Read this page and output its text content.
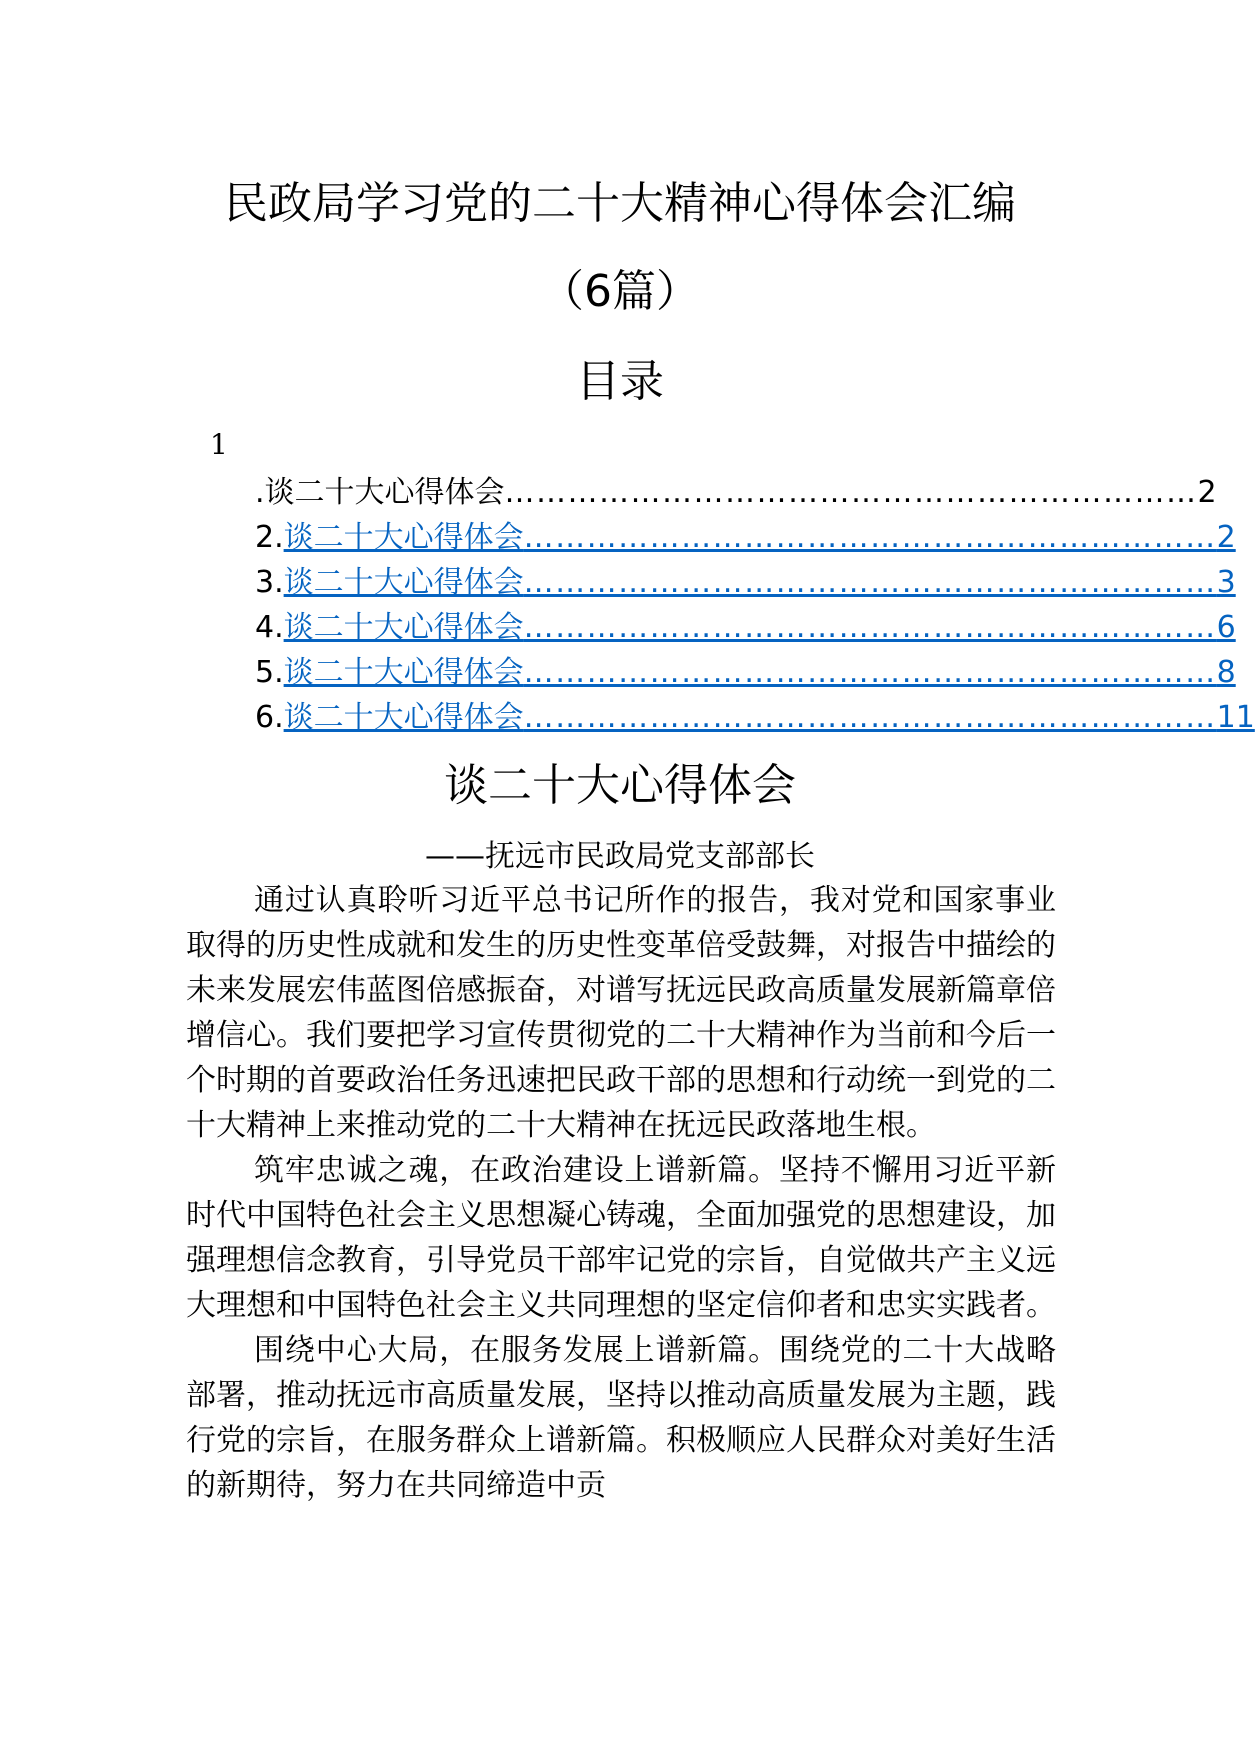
民政局学习党的二十大精神心得体会汇编
（6篇）
目录
1
.谈二十大心得体会 ………………………………………………………… 2
2. 谈二十大心得体会 ………………………………………………………… 2
3. 谈二十大心得体会 ………………………………………………………… 3
4. 谈二十大心得体会 ………………………………………………………… 6
5. 谈二十大心得体会 ………………………………………………………… 8
6. 谈二十大心得体会 ………………………………………………………… 11
谈二十大心得体会

——抚远市民政局党支部部长

通过认真聆听习近平总书记所作的报告，我对党和国家事业取得的历史性成就和发生的历史性变革倍受鼓舞，对报告中描绘的未来发展宏伟蓝图倍感振奋，对谱写抚远民政高质量发展新篇章倍增信心。我们要把学习宣传贯彻党的二十大精神作为当前和今后一个时期的首要政治任务迅速把民政干部的思想和行动统一到党的二十大精神上来推动党的二十大精神在抚远民政落地生根。

筑牢忠诚之魂，在政治建设上谱新篇。坚持不懈用习近平新时代中国特色社会主义思想凝心铸魂，全面加强党的思想建设，加强理想信念教育，引导党员干部牢记党的宗旨，自觉做共产主义远大理想和中国特色社会主义共同理想的坚定信仰者和忠实实践者。

围绕中心大局，在服务发展上谱新篇。围绕党的二十大战略部署，推动抚远市高质量发展，坚持以推动高质量发展为主题，践行党的宗旨，在服务群众上谱新篇。积极顺应人民群众对美好生活的新期待，努力在共同缔造中贡
